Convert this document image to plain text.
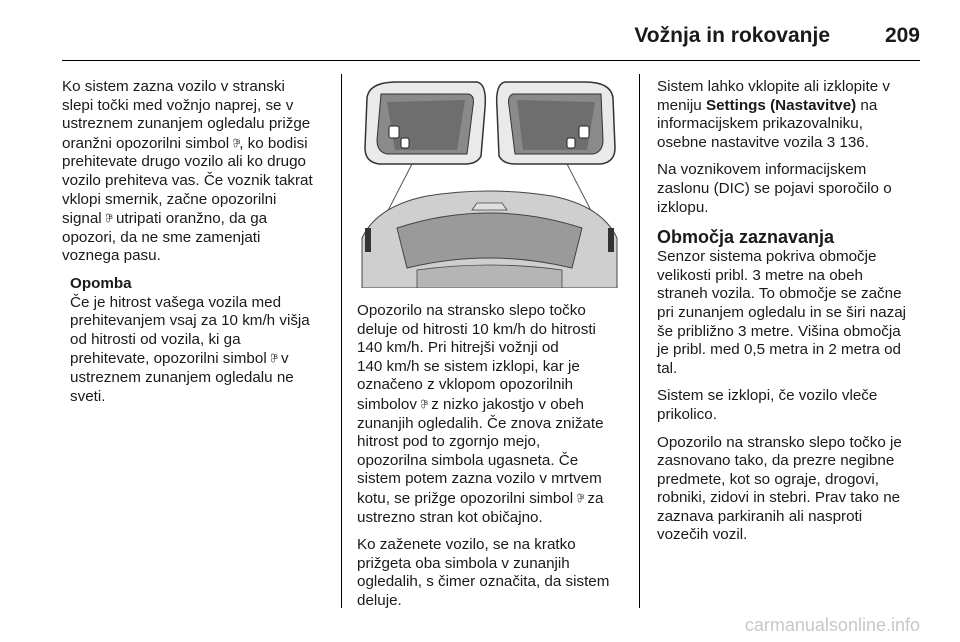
Vožnja in rokovanje	209

Ko sistem zazna vozilo v stranski
slepi točki med vožnjo naprej, se v
ustreznem zunanjem ogledalu prižge
oranžni opozorilni simbol ⩉ᴮ, ko bodisi
prehitevate drugo vozilo ali ko drugo
vozilo prehiteva vas. Če voznik takrat
vklopi smernik, začne opozorilni
signal ⩉ᴮ utripati oranžno, da ga
opozori, da ne sme zamenjati
voznega pasu.

Opomba
Če je hitrost vašega vozila med
prehitevanjem vsaj za 10 km/h višja
od hitrosti od vozila, ki ga
prehitevate, opozorilni simbol ⩉ᴮ v
ustreznem zunanjem ogledalu ne
sveti.

Opozorilo na stransko slepo točko
deluje od hitrosti 10 km/h do hitrosti
140 km/h. Pri hitrejši vožnji od
140 km/h se sistem izklopi, kar je
označeno z vklopom opozorilnih
simbolov ⩉ᴮ z nizko jakostjo v obeh
zunanjih ogledalih. Če znova znižate
hitrost pod to zgornjo mejo,
opozorilna simbola ugasneta. Če
sistem potem zazna vozilo v mrtvem
kotu, se prižge opozorilni simbol ⩉ᴮ za
ustrezno stran kot običajno.

Ko zaženete vozilo, se na kratko
prižgeta oba simbola v zunanjih
ogledalih, s čimer označita, da sistem
deluje.

Sistem lahko vklopite ali izklopite v
meniju Settings (Nastavitve) na
informacijskem prikazovalniku,
osebne nastavitve vozila 3 136.

Na voznikovem informacijskem
zaslonu (DIC) se pojavi sporočilo o
izklopu.

Območja zaznavanja

Senzor sistema pokriva območje
velikosti pribl. 3 metre na obeh
straneh vozila. To območje se začne
pri zunanjem ogledalu in se širi nazaj
še približno 3 metre. Višina območja
je pribl. med 0,5 metra in 2 metra od
tal.

Sistem se izklopi, če vozilo vleče
prikolico.

Opozorilo na stransko slepo točko je
zasnovano tako, da prezre negibne
predmete, kot so ograje, drogovi,
robniki, zidovi in stebri. Prav tako ne
zaznava parkiranih ali nasproti
vozečih vozil.

carmanualsonline.info
